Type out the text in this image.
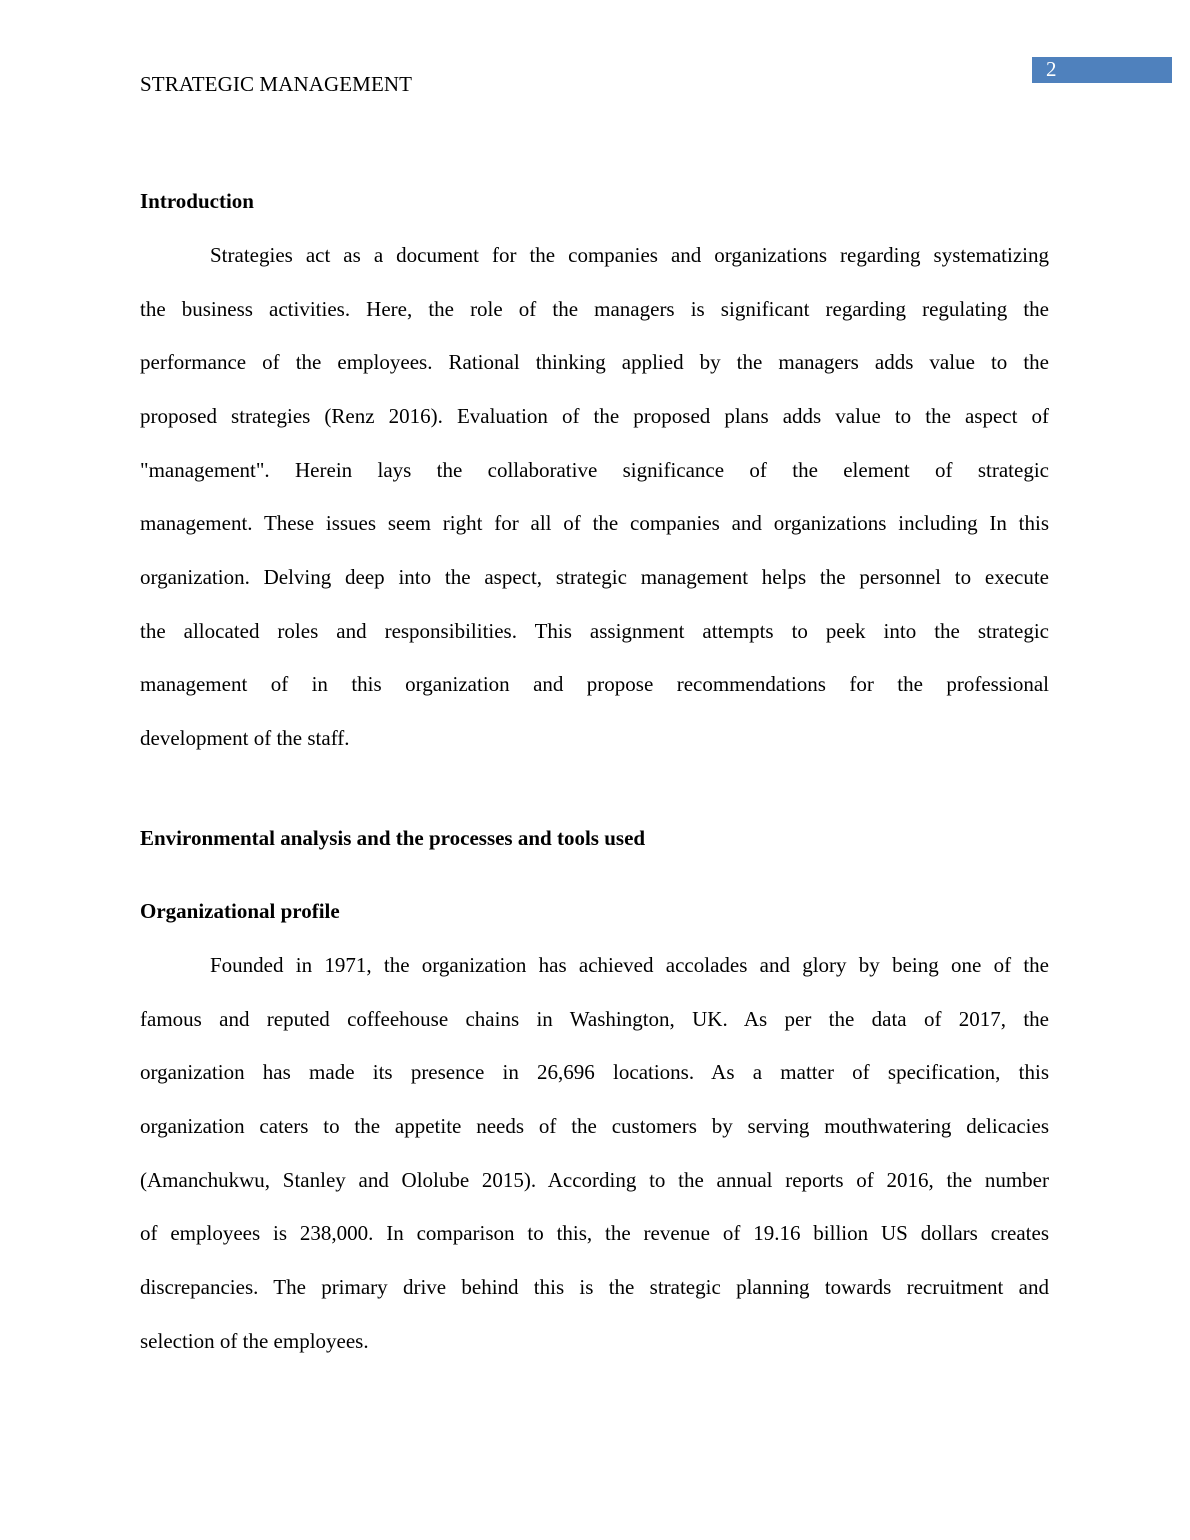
2
STRATEGIC MANAGEMENT
Introduction
Strategies act as a document for the companies and organizations regarding systematizing
the business activities. Here, the role of the managers is significant regarding regulating the
performance of the employees. Rational thinking applied by the managers adds value to the
proposed strategies (Renz 2016). Evaluation of the proposed plans adds value to the aspect of
"management". Herein lays the collaborative significance of the element of strategic
management. These issues seem right for all of the companies and organizations including In this
organization. Delving deep into the aspect, strategic management helps the personnel to execute
the allocated roles and responsibilities. This assignment attempts to peek into the strategic
management of in this organization and propose recommendations for the professional
development of the staff.
Environmental analysis and the processes and tools used
Organizational profile
Founded in 1971, the organization has achieved accolades and glory by being one of the
famous and reputed coffeehouse chains in Washington, UK. As per the data of 2017, the
organization has made its presence in 26,696 locations. As a matter of specification, this
organization caters to the appetite needs of the customers by serving mouthwatering delicacies
(Amanchukwu, Stanley and Ololube 2015). According to the annual reports of 2016, the number
of employees is 238,000. In comparison to this, the revenue of 19.16 billion US dollars creates
discrepancies. The primary drive behind this is the strategic planning towards recruitment and
selection of the employees.
